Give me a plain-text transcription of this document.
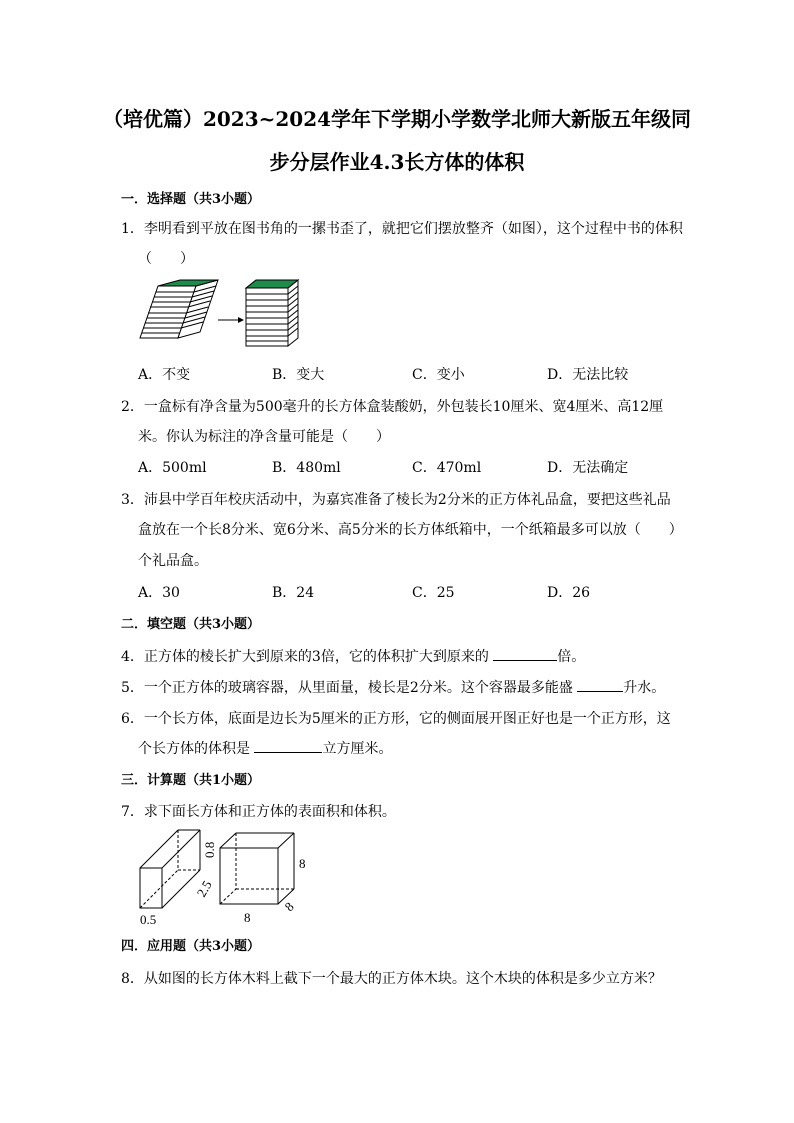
（培优篇）2023~2024学年下学期小学数学北师大新版五年级同
步分层作业4.3长方体的体积
一．选择题（共3小题）
1．李明看到平放在图书角的一摞书歪了，就把它们摆放整齐（如图），这个过程中书的体积
（　　）
A．不变	B．变大	C．变小	D．无法比较
2．一盒标有净含量为500毫升的长方体盒装酸奶，外包装长10厘米、宽4厘米、高12厘
米。你认为标注的净含量可能是（　　）
A．500ml	B．480ml	C．470ml	D．无法确定
3．沛县中学百年校庆活动中，为嘉宾准备了棱长为2分米的正方体礼品盒，要把这些礼品
盒放在一个长8分米、宽6分米、高5分米的长方体纸箱中，一个纸箱最多可以放（　　）
个礼品盒。
A．30	B．24	C．25	D．26
二．填空题（共3小题）
4．正方体的棱长扩大到原来的3倍，它的体积扩大到原来的	倍。
5．一个正方体的玻璃容器，从里面量，棱长是2分米。这个容器最多能盛	升水。
6．一个长方体，底面是边长为5厘米的正方形，它的侧面展开图正好也是一个正方形，这
个长方体的体积是	立方厘米。
三．计算题（共1小题）
7．求下面长方体和正方体的表面积和体积。
0.5
0.8
2.5
8
8
8
四．应用题（共3小题）
8．从如图的长方体木料上截下一个最大的正方体木块。这个木块的体积是多少立方米？
